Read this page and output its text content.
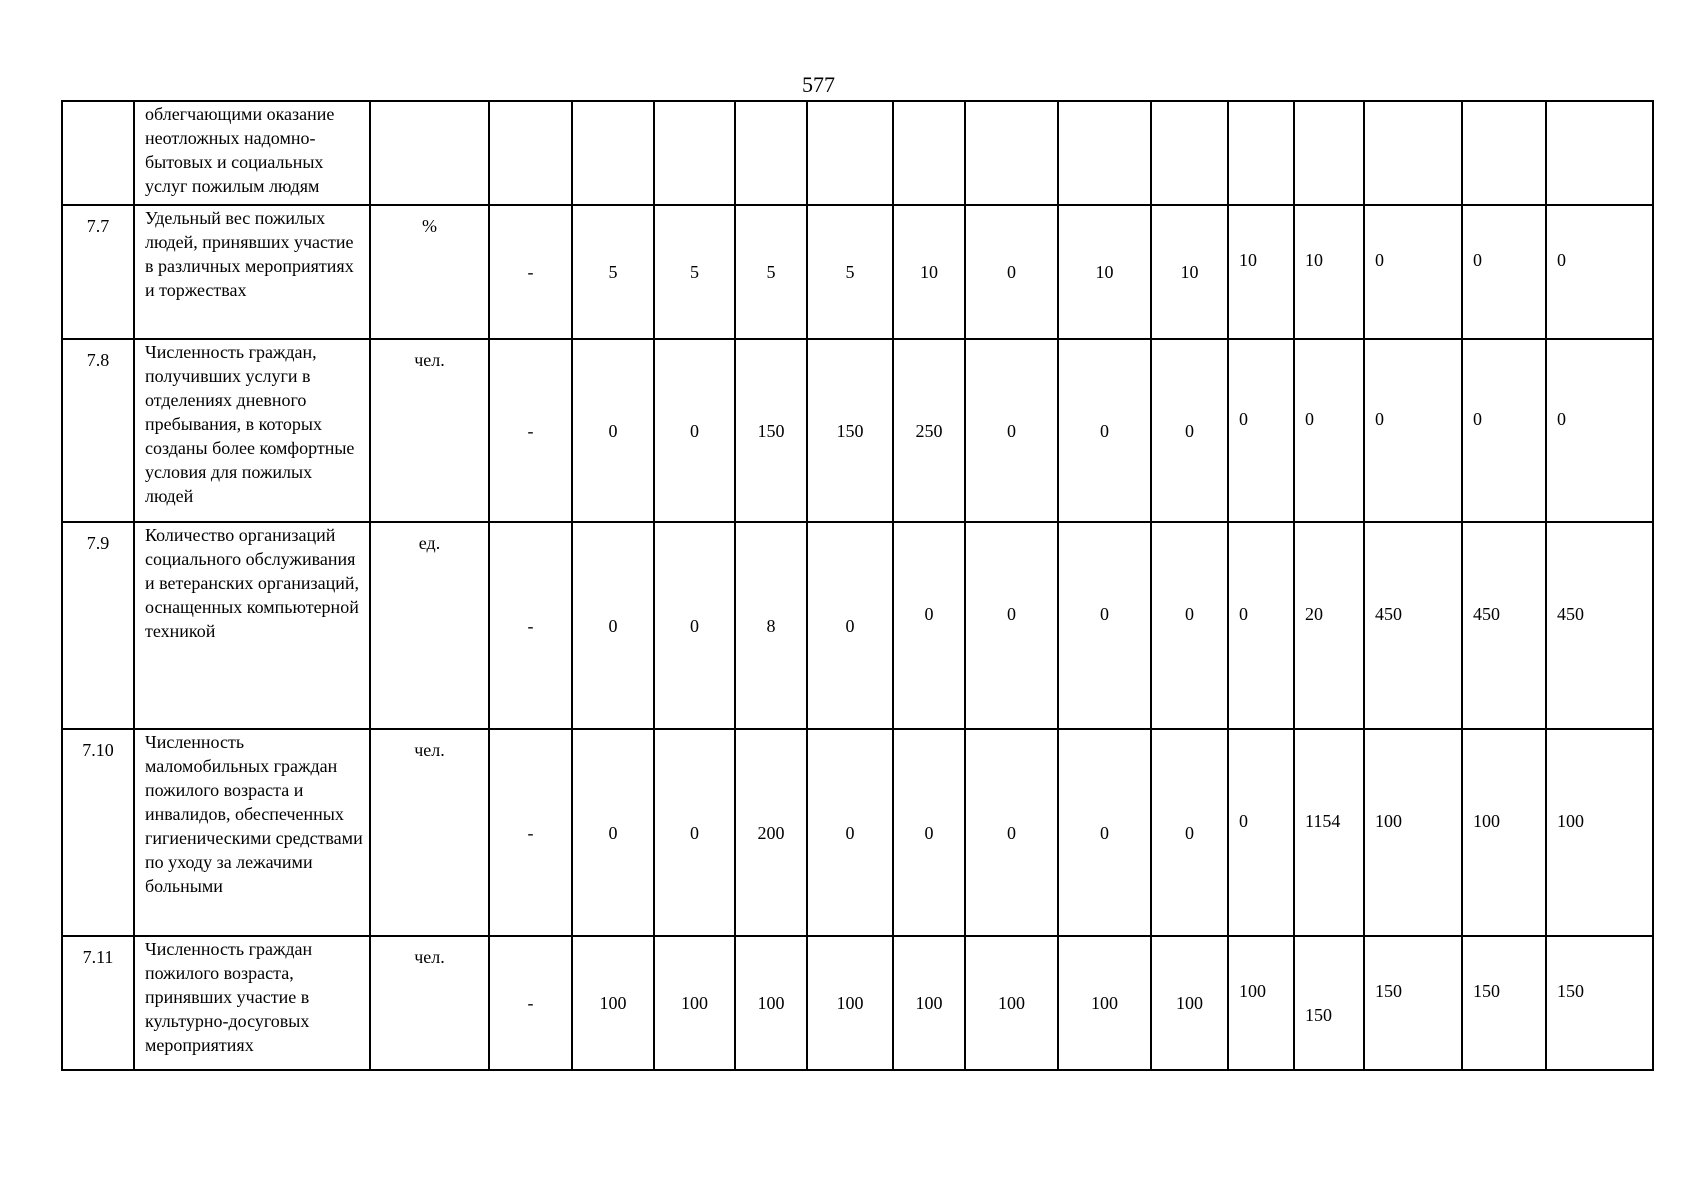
577
	облегчающими оказание неотложных надомно-бытовых и социальных услуг пожилым людям															
7.7	Удельный вес пожилых людей, принявших участие в различных мероприятиях и торжествах	%	-	5	5	5	5	10	0	10	10	10	10	0	0	0
7.8	Численность граждан, получивших услуги в отделениях дневного пребывания, в которых созданы более комфортные условия для пожилых людей	чел.	-	0	0	150	150	250	0	0	0	0	0	0	0	0
7.9	Количество организаций социального обслуживания и ветеранских организаций, оснащенных компьютерной техникой	ед.	-	0	0	8	0	0	0	0	0	0	20	450	450	450
7.10	Численность маломобильных граждан пожилого возраста и инвалидов, обеспеченных гигиеническими средствами по уходу за лежачими больными	чел.	-	0	0	200	0	0	0	0	0	0	1154	100	100	100
7.11	Численность граждан пожилого возраста, принявших участие в культурно-досуговых мероприятиях	чел.	-	100	100	100	100	100	100	100	100	100	150	150	150	150
